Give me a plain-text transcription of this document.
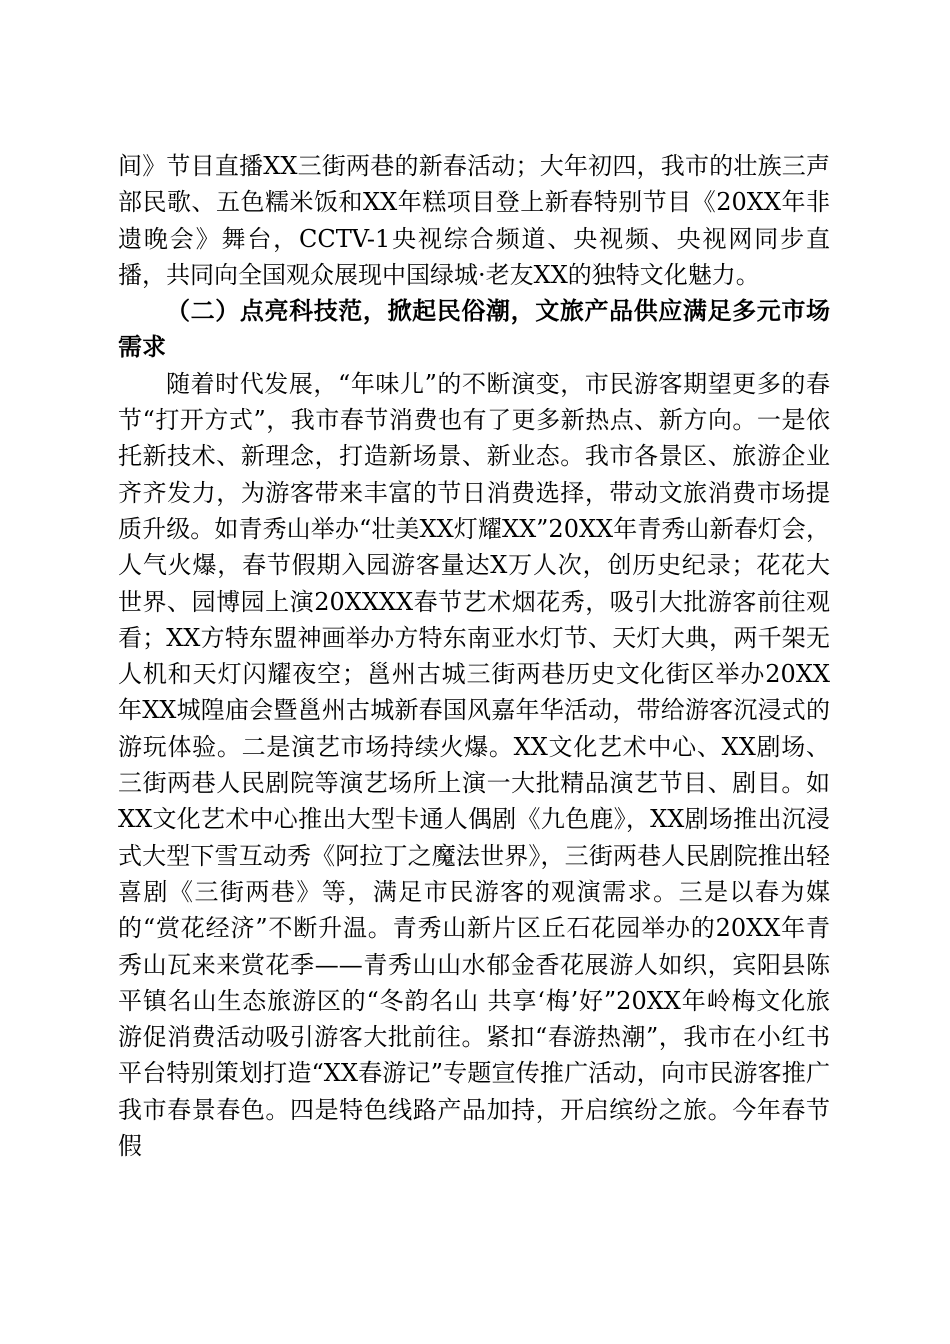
间》节目直播XX三街两巷的新春活动；大年初四，我市的壮族三声部民歌、五色糯米饭和XX年糕项目登上新春特别节目《20XX年非遗晚会》舞台，CCTV-1央视综合频道、央视频、央视网同步直播，共同向全国观众展现中国绿城·老友XX的独特文化魅力。

（二）点亮科技范，掀起民俗潮，文旅产品供应满足多元市场需求

随着时代发展，“年味儿”的不断演变，市民游客期望更多的春节“打开方式”，我市春节消费也有了更多新热点、新方向。一是依托新技术、新理念，打造新场景、新业态。我市各景区、旅游企业齐齐发力，为游客带来丰富的节日消费选择，带动文旅消费市场提质升级。如青秀山举办“壮美XX灯耀XX”20XX年青秀山新春灯会，人气火爆，春节假期入园游客量达X万人次，创历史纪录；花花大世界、园博园上演20XXXX春节艺术烟花秀，吸引大批游客前往观看；XX方特东盟神画举办方特东南亚水灯节、天灯大典，两千架无人机和天灯闪耀夜空；邕州古城三街两巷历史文化街区举办20XX年XX城隍庙会暨邕州古城新春国风嘉年华活动，带给游客沉浸式的游玩体验。二是演艺市场持续火爆。XX文化艺术中心、XX剧场、三街两巷人民剧院等演艺场所上演一大批精品演艺节目、剧目。如XX文化艺术中心推出大型卡通人偶剧《九色鹿》，XX剧场推出沉浸式大型下雪互动秀《阿拉丁之魔法世界》，三街两巷人民剧院推出轻喜剧《三街两巷》等，满足市民游客的观演需求。三是以春为媒的“赏花经济”不断升温。青秀山新片区丘石花园举办的20XX年青秀山瓦来来赏花季——青秀山山水郁金香花展游人如织，宾阳县陈平镇名山生态旅游区的“冬韵名山 共享‘梅’好”20XX年岭梅文化旅游促消费活动吸引游客大批前往。紧扣“春游热潮”，我市在小红书平台特别策划打造“XX春游记”专题宣传推广活动，向市民游客推广我市春景春色。四是特色线路产品加持，开启缤纷之旅。今年春节假
